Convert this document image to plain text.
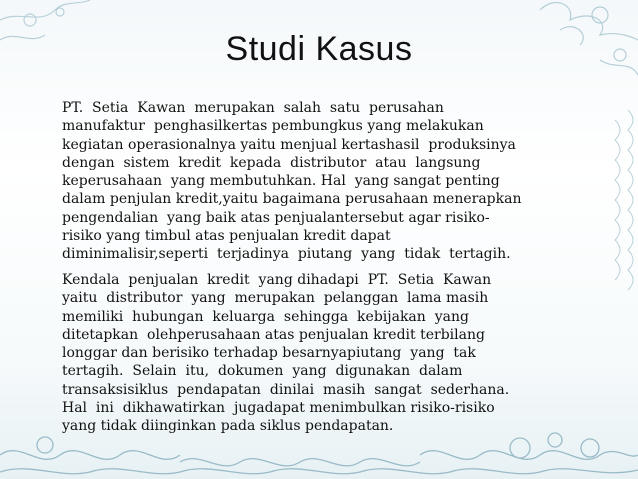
Studi Kasus
PT.  Setia  Kawan  merupakan  salah  satu  perusahan
manufaktur  penghasilkertas pembungkus yang melakukan
kegiatan operasionalnya yaitu menjual kertashasil  produksinya
dengan  sistem  kredit  kepada  distributor  atau  langsung
keperusahaan  yang membutuhkan. Hal  yang sangat penting
dalam penjulan kredit,yaitu bagaimana perusahaan menerapkan
pengendalian  yang baik atas penjualantersebut agar risiko-
risiko yang timbul atas penjualan kredit dapat
diminimalisir,seperti  terjadinya  piutang  yang  tidak  tertagih.
Kendala  penjualan  kredit  yang dihadapi  PT.  Setia  Kawan
yaitu  distributor  yang  merupakan  pelanggan  lama masih
memiliki  hubungan  keluarga  sehingga  kebijakan  yang
ditetapkan  olehperusahaan atas penjualan kredit terbilang
longgar dan berisiko terhadap besarnyapiutang  yang  tak
tertagih.  Selain  itu,  dokumen  yang  digunakan  dalam
transaksisiklus  pendapatan  dinilai  masih  sangat  sederhana.
Hal  ini  dikhawatirkan  jugadapat menimbulkan risiko-risiko
yang tidak diinginkan pada siklus pendapatan.
